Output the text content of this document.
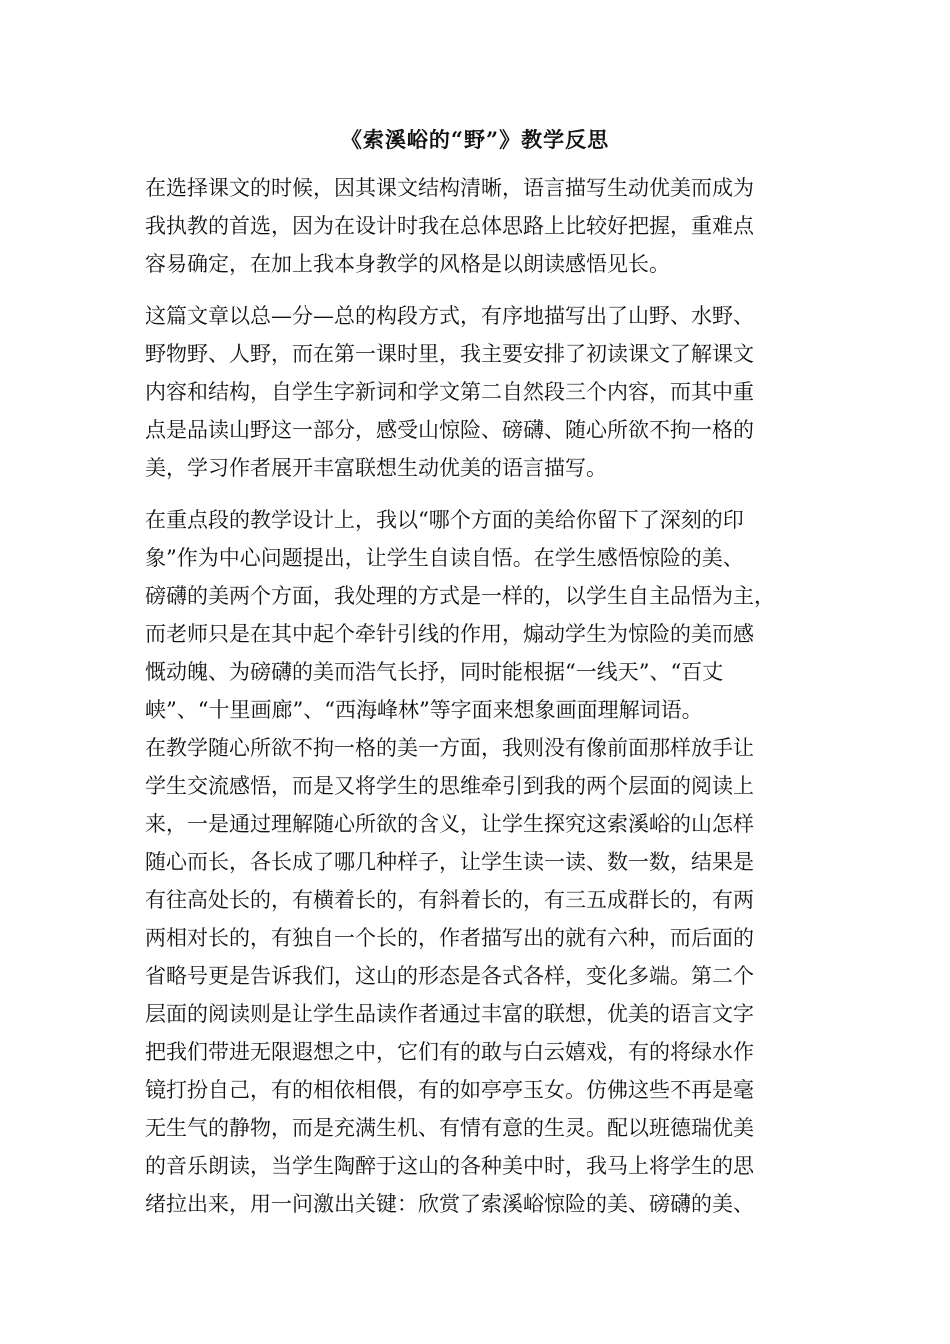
《索溪峪的“野”》教学反思
在选择课文的时候，因其课文结构清晰，语言描写生动优美而成为
我执教的首选，因为在设计时我在总体思路上比较好把握，重难点
容易确定，在加上我本身教学的风格是以朗读感悟见长。
这篇文章以总—分—总的构段方式，有序地描写出了山野、水野、
野物野、人野，而在第一课时里，我主要安排了初读课文了解课文
内容和结构，自学生字新词和学文第二自然段三个内容，而其中重
点是品读山野这一部分，感受山惊险、磅礴、随心所欲不拘一格的
美，学习作者展开丰富联想生动优美的语言描写。
在重点段的教学设计上，我以“哪个方面的美给你留下了深刻的印
象”作为中心问题提出，让学生自读自悟。在学生感悟惊险的美、
磅礴的美两个方面，我处理的方式是一样的，以学生自主品悟为主，
而老师只是在其中起个牵针引线的作用，煽动学生为惊险的美而感
慨动魄、为磅礴的美而浩气长抒，同时能根据“一线天”、“百丈
峡”、“十里画廊”、“西海峰林”等字面来想象画面理解词语。
在教学随心所欲不拘一格的美一方面，我则没有像前面那样放手让
学生交流感悟，而是又将学生的思维牵引到我的两个层面的阅读上
来，一是通过理解随心所欲的含义，让学生探究这索溪峪的山怎样
随心而长，各长成了哪几种样子，让学生读一读、数一数，结果是
有往高处长的，有横着长的，有斜着长的，有三五成群长的，有两
两相对长的，有独自一个长的，作者描写出的就有六种，而后面的
省略号更是告诉我们，这山的形态是各式各样，变化多端。第二个
层面的阅读则是让学生品读作者通过丰富的联想，优美的语言文字
把我们带进无限遐想之中，它们有的敢与白云嬉戏，有的将绿水作
镜打扮自己，有的相依相偎，有的如亭亭玉女。仿佛这些不再是毫
无生气的静物，而是充满生机、有情有意的生灵。配以班德瑞优美
的音乐朗读，当学生陶醉于这山的各种美中时，我马上将学生的思
绪拉出来，用一问激出关键：欣赏了索溪峪惊险的美、磅礴的美、
